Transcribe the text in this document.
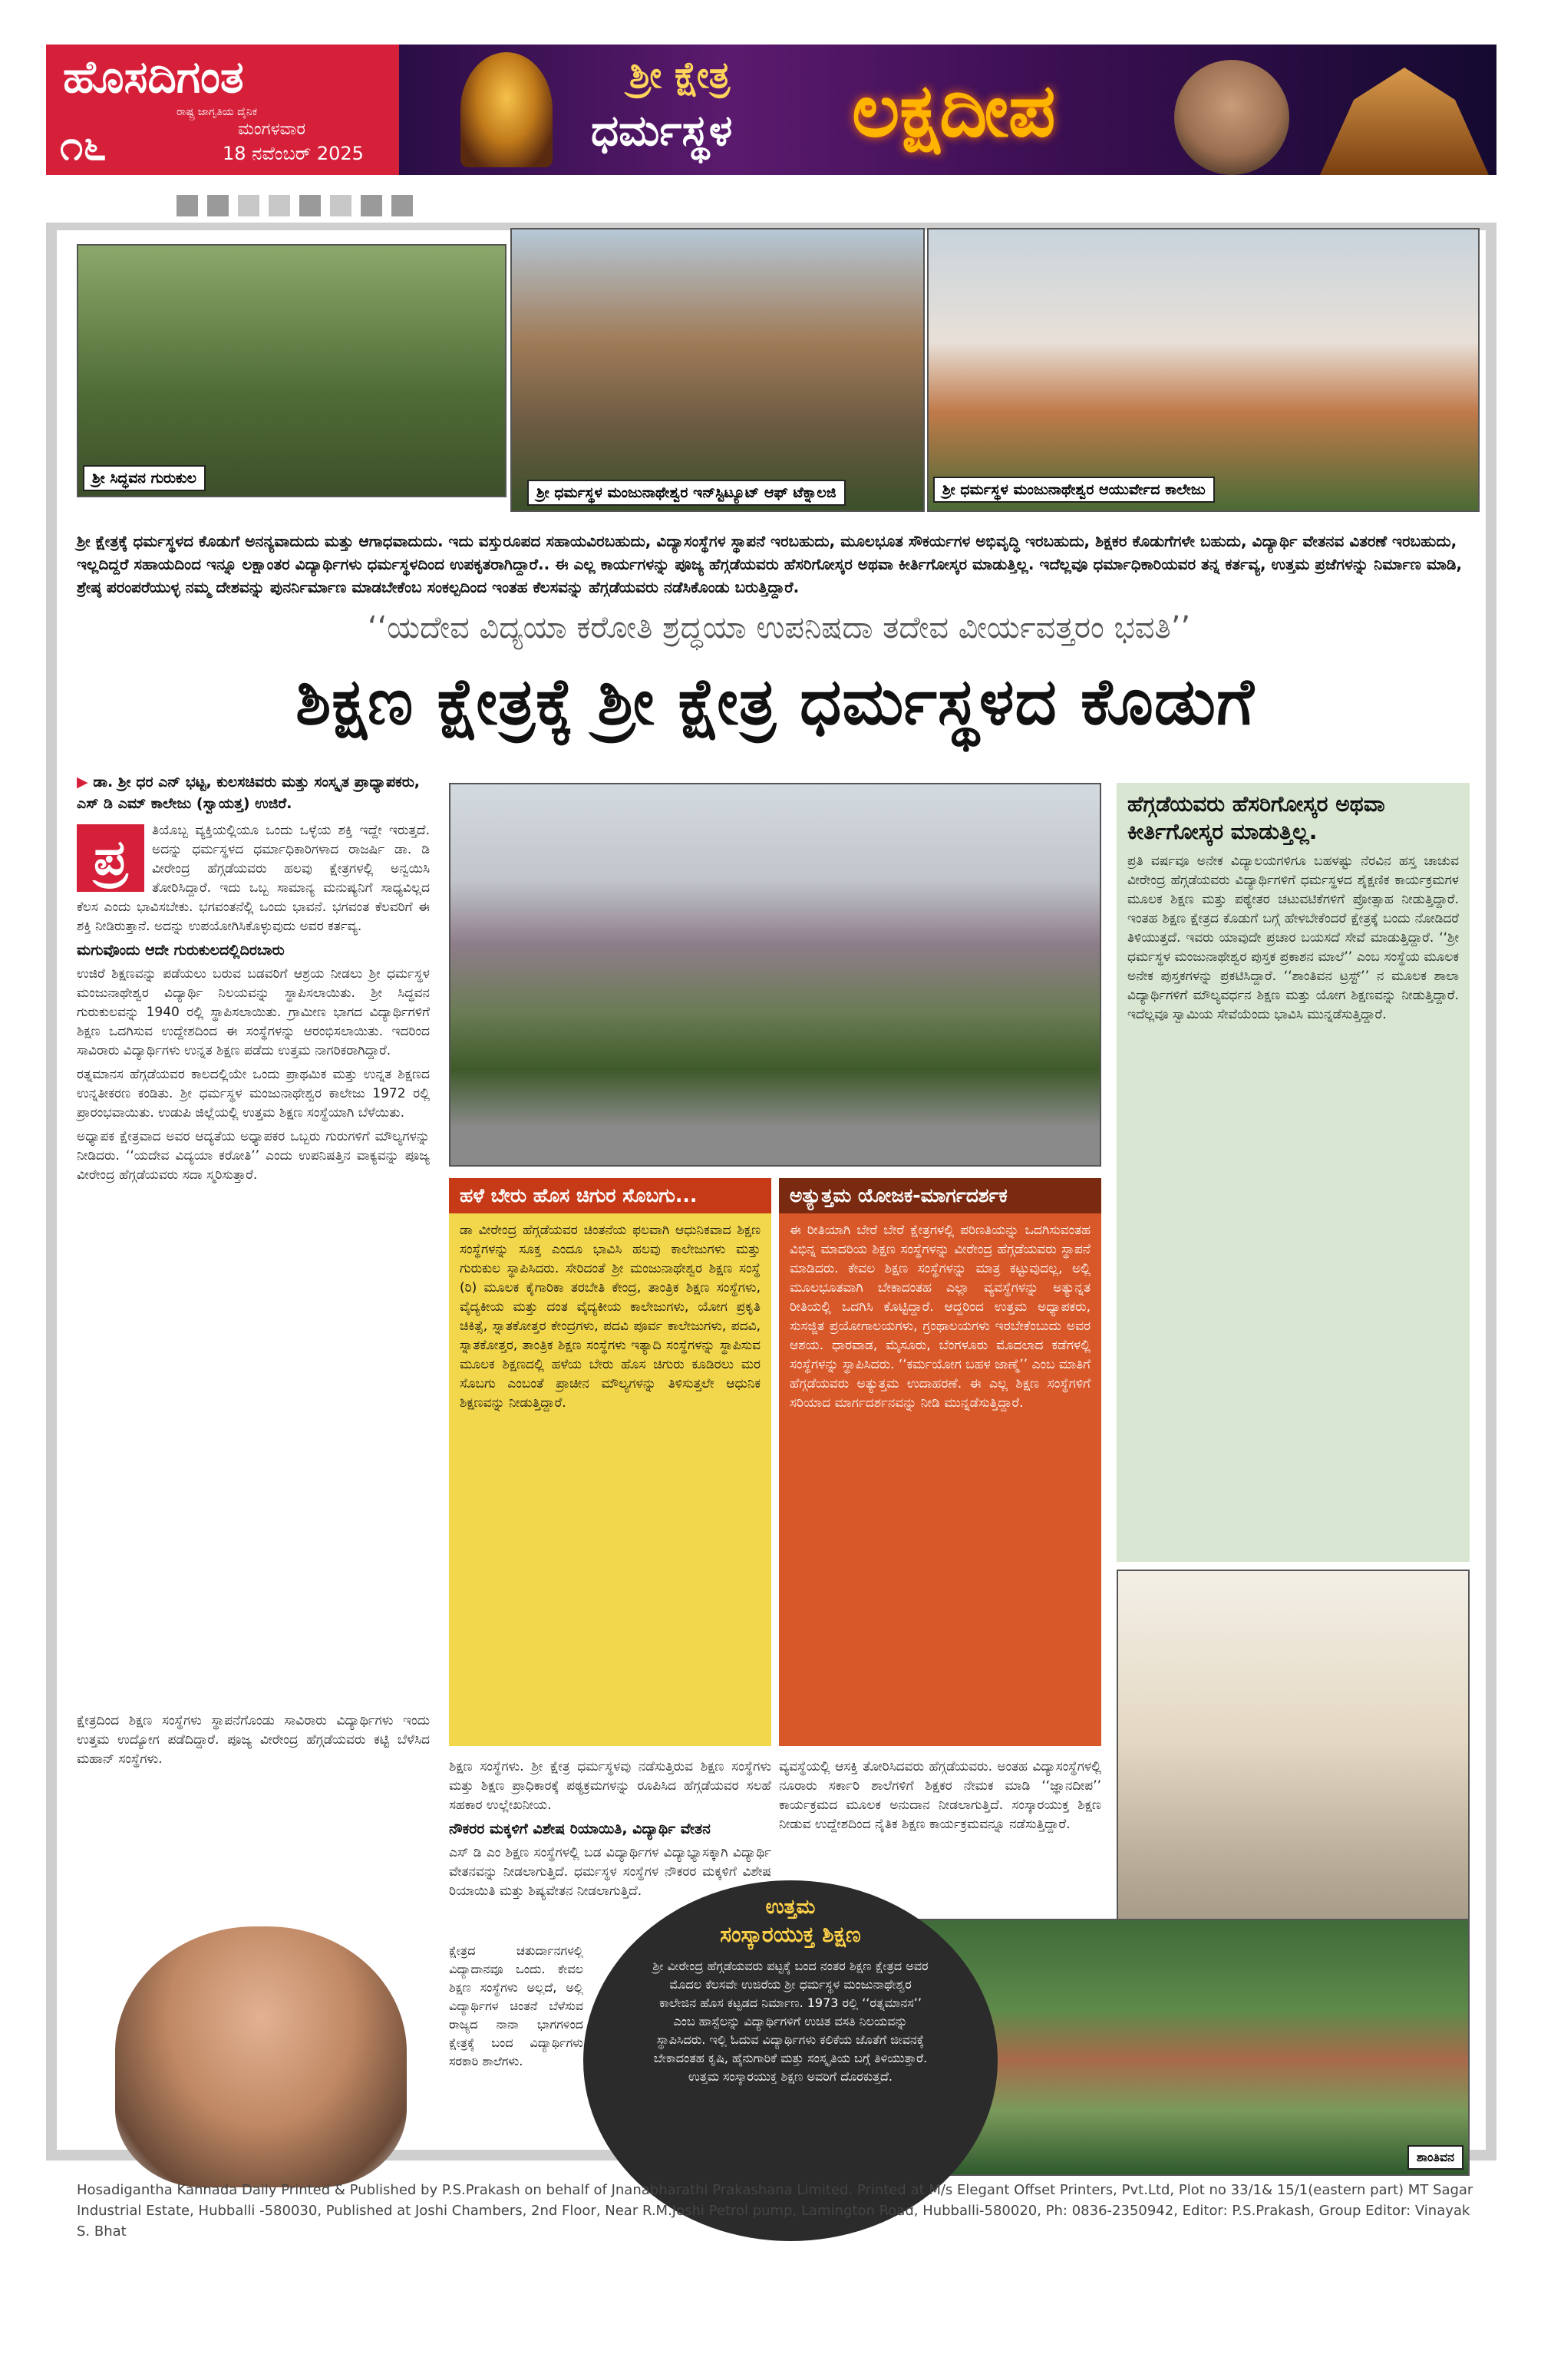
ಹೊಸದಿಗಂತ
ರಾಷ್ಟ್ರ ಜಾಗೃತಿಯ ದೈನಿಕ
೧೬	ಮಂಗಳವಾರ
18 ನವೆಂಬರ್ 2025
ಶ್ರೀ ಕ್ಷೇತ್ರ
ಧರ್ಮಸ್ಥಳ ಲಕ್ಷದೀಪ
ಶ್ರೀ ಸಿದ್ಧವನ ಗುರುಕುಲ
ಶ್ರೀ ಧರ್ಮಸ್ಥಳ ಮಂಜುನಾಥೇಶ್ವರ ಇನ್‌ಸ್ಟಿಟ್ಯೂಟ್ ಆಫ್ ಟೆಕ್ನಾಲಜಿ	ಶ್ರೀ ಧರ್ಮಸ್ಥಳ ಮಂಜುನಾಥೇಶ್ವರ ಆಯುರ್ವೇದ ಕಾಲೇಜು
ಶ್ರೀ ಕ್ಷೇತ್ರಕ್ಕೆ ಧರ್ಮಸ್ಥಳದ ಕೊಡುಗೆ ಅನನ್ಯವಾದುದು ಮತ್ತು ಆಗಾಧವಾದುದು. ಇದು ವಸ್ತುರೂಪದ ಸಹಾಯವಿರಬಹುದು, ವಿದ್ಯಾಸಂಸ್ಥೆಗಳ ಸ್ಥಾಪನೆ ಇರಬಹುದು, ಮೂಲಭೂತ ಸೌಕರ್ಯಗಳ ಅಭಿವೃದ್ಧಿ ಇರಬಹುದು, ಶಿಕ್ಷಕರ ಕೊಡುಗೆಗಳೇ ಬಹುದು, ವಿದ್ಯಾರ್ಥಿ ವೇತನವ ವಿತರಣೆ ಇರಬಹುದು, ಇಲ್ಲದಿದ್ದರೆ ಸಹಾಯದಿಂದ ಇನ್ನೂ ಲಕ್ಷಾಂತರ ವಿದ್ಯಾರ್ಥಿಗಳು ಧರ್ಮಸ್ಥಳದಿಂದ ಉಪಕೃತರಾಗಿದ್ದಾರೆ.. ಈ ಎಲ್ಲ ಕಾರ್ಯಗಳನ್ನು ಪೂಜ್ಯ ಹೆಗ್ಗಡೆಯವರು ಹೆಸರಿಗೋಸ್ಕರ ಅಥವಾ ಕೀರ್ತಿಗೋಸ್ಕರ ಮಾಡುತ್ತಿಲ್ಲ. ಇದೆಲ್ಲವೂ ಧರ್ಮಾಧಿಕಾರಿಯವರ ತನ್ನ ಕರ್ತವ್ಯ, ಉತ್ತಮ ಪ್ರಜೆಗಳನ್ನು ನಿರ್ಮಾಣ ಮಾಡಿ, ಶ್ರೇಷ್ಠ ಪರಂಪರೆಯುಳ್ಳ ನಮ್ಮ ದೇಶವನ್ನು ಪುನರ್ನಿರ್ಮಾಣ ಮಾಡಬೇಕೆಂಬ ಸಂಕಲ್ಪದಿಂದ ಇಂತಹ ಕೆಲಸವನ್ನು ಹೆಗ್ಗಡೆಯವರು ನಡೆಸಿಕೊಂಡು ಬರುತ್ತಿದ್ದಾರೆ.
‘‘ಯದೇವ ವಿದ್ಯಯಾ ಕರೋತಿ ಶ್ರದ್ಧಯಾ ಉಪನಿಷದಾ ತದೇವ ವೀರ್ಯವತ್ತರಂ ಭವತಿ’’
ಶಿಕ್ಷಣ ಕ್ಷೇತ್ರಕ್ಕೆ ಶ್ರೀ ಕ್ಷೇತ್ರ ಧರ್ಮಸ್ಥಳದ ಕೊಡುಗೆ
▶ ಡಾ. ಶ್ರೀ ಧರ ಎನ್ ಭಟ್ಟ, ಕುಲಸಚಿವರು ಮತ್ತು ಸಂಸ್ಕೃತ ಪ್ರಾಧ್ಯಾಪಕರು, ಎಸ್ ಡಿ ಎಮ್ ಕಾಲೇಜು (ಸ್ವಾಯತ್ತ) ಉಜಿರೆ.
ಪ್ರ	ತಿಯೊಬ್ಬ ವ್ಯಕ್ತಿಯಲ್ಲಿಯೂ ಒಂದು ಒಳ್ಳೆಯ ಶಕ್ತಿ ಇದ್ದೇ ಇರುತ್ತದೆ. ಅದನ್ನು ಧರ್ಮಸ್ಥಳದ ಧರ್ಮಾಧಿಕಾರಿಗಳಾದ ರಾಜರ್ಷಿ ಡಾ. ಡಿ ವೀರೇಂದ್ರ ಹೆಗ್ಗಡೆಯವರು ಹಲವು ಕ್ಷೇತ್ರಗಳಲ್ಲಿ ಅನ್ವಯಿಸಿ ತೋರಿಸಿದ್ದಾರೆ. ಇದು ಒಬ್ಬ ಸಾಮಾನ್ಯ ಮನುಷ್ಯನಿಗೆ ಸಾಧ್ಯವಿಲ್ಲದ ಕೆಲಸ ಎಂದು ಭಾವಿಸಬೇಕು. ಭಗವಂತನೆಲ್ಲಿ ಒಂದು ಭಾವನೆ. ಭಗವಂತ ಕೆಲವರಿಗೆ ಈ ಶಕ್ತಿ ನೀಡಿರುತ್ತಾನೆ. ಅದನ್ನು ಉಪಯೋಗಿಸಿಕೊಳ್ಳುವುದು ಅವರ ಕರ್ತವ್ಯ.

ಮಗುವೊಂದು ಆದೇ ಗುರುಕುಲದಲ್ಲಿದಿರಬಾರು

ಉಜಿರೆ ಶಿಕ್ಷಣವನ್ನು ಪಡೆಯಲು ಬರುವ ಬಡವರಿಗೆ ಆಶ್ರಯ ನೀಡಲು ಶ್ರೀ ಧರ್ಮಸ್ಥಳ ಮಂಜುನಾಥೇಶ್ವರ ವಿದ್ಯಾರ್ಥಿ ನಿಲಯವನ್ನು ಸ್ಥಾಪಿಸಲಾಯಿತು. ಶ್ರೀ ಸಿದ್ಧವನ ಗುರುಕುಲವನ್ನು 1940 ರಲ್ಲಿ ಸ್ಥಾಪಿಸಲಾಯಿತು. ಗ್ರಾಮೀಣ ಭಾಗದ ವಿದ್ಯಾರ್ಥಿಗಳಿಗೆ ಶಿಕ್ಷಣ ಒದಗಿಸುವ ಉದ್ದೇಶದಿಂದ ಈ ಸಂಸ್ಥೆಗಳನ್ನು ಆರಂಭಿಸಲಾಯಿತು. ಇದರಿಂದ ಸಾವಿರಾರು ವಿದ್ಯಾರ್ಥಿಗಳು ಉನ್ನತ ಶಿಕ್ಷಣ ಪಡೆದು ಉತ್ತಮ ನಾಗರಿಕರಾಗಿದ್ದಾರೆ.

ರತ್ನಮಾನಸ ಹೆಗ್ಗಡೆಯವರ ಕಾಲದಲ್ಲಿಯೇ ಒಂದು ಪ್ರಾಥಮಿಕ ಮತ್ತು ಉನ್ನತ ಶಿಕ್ಷಣದ ಉನ್ನತೀಕರಣ ಕಂಡಿತು. ಶ್ರೀ ಧರ್ಮಸ್ಥಳ ಮಂಜುನಾಥೇಶ್ವರ ಕಾಲೇಜು 1972 ರಲ್ಲಿ ಪ್ರಾರಂಭವಾಯಿತು. ಉಡುಪಿ ಜಿಲ್ಲೆಯಲ್ಲಿ ಉತ್ತಮ ಶಿಕ್ಷಣ ಸಂಸ್ಥೆಯಾಗಿ ಬೆಳೆಯಿತು.

ಅಧ್ಯಾಪಕ ಕ್ಷೇತ್ರವಾದ ಅವರ ಆದ್ಯತೆಯ ಅಧ್ಯಾಪಕರ ಒಬ್ಬರು ಗುರುಗಳಿಗೆ ಮೌಲ್ಯಗಳನ್ನು ನೀಡಿದರು. ‘‘ಯದೇವ ವಿದ್ಯಯಾ ಕರೋತಿ’’ ಎಂದು ಉಪನಿಷತ್ತಿನ ವಾಕ್ಯವನ್ನು ಪೂಜ್ಯ ವೀರೇಂದ್ರ ಹೆಗ್ಗಡೆಯವರು ಸದಾ ಸ್ಮರಿಸುತ್ತಾರೆ.

ಕ್ಷೇತ್ರದಿಂದ ಶಿಕ್ಷಣ ಸಂಸ್ಥೆಗಳು ಸ್ಥಾಪನೆಗೊಂಡು ಸಾವಿರಾರು ವಿದ್ಯಾರ್ಥಿಗಳು ಇಂದು ಉತ್ತಮ ಉದ್ಯೋಗ ಪಡೆದಿದ್ದಾರೆ. ಪೂಜ್ಯ ವೀರೇಂದ್ರ ಹೆಗ್ಗಡೆಯವರು ಕಟ್ಟಿ ಬೆಳೆಸಿದ ಮಹಾನ್ ಸಂಸ್ಥೆಗಳು.
ಹಳೆ ಬೇರು ಹೊಸ ಚಿಗುರ ಸೊಬಗು...
ಡಾ ವೀರೇಂದ್ರ ಹೆಗ್ಗಡೆಯವರ ಚಿಂತನೆಯ ಫಲವಾಗಿ ಆಧುನಿಕವಾದ ಶಿಕ್ಷಣ ಸಂಸ್ಥೆಗಳನ್ನು ಸೂಕ್ತ ಎಂದೂ ಭಾವಿಸಿ ಹಲವು ಕಾಲೇಜುಗಳು ಮತ್ತು ಗುರುಕುಲ ಸ್ಥಾಪಿಸಿದರು. ಸೇರಿದಂತೆ ಶ್ರೀ ಮಂಜುನಾಥೇಶ್ವರ ಶಿಕ್ಷಣ ಸಂಸ್ಥೆ (ರಿ) ಮೂಲಕ ಕೈಗಾರಿಕಾ ತರಬೇತಿ ಕೇಂದ್ರ, ತಾಂತ್ರಿಕ ಶಿಕ್ಷಣ ಸಂಸ್ಥೆಗಳು, ವೈದ್ಯಕೀಯ ಮತ್ತು ದಂತ ವೈದ್ಯಕೀಯ ಕಾಲೇಜುಗಳು, ಯೋಗ ಪ್ರಕೃತಿ ಚಿಕಿತ್ಸೆ, ಸ್ನಾತಕೋತ್ತರ ಕೇಂದ್ರಗಳು, ಪದವಿ ಪೂರ್ವ ಕಾಲೇಜುಗಳು, ಪದವಿ, ಸ್ನಾತಕೋತ್ತರ, ತಾಂತ್ರಿಕ ಶಿಕ್ಷಣ ಸಂಸ್ಥೆಗಳು ಇತ್ಯಾದಿ ಸಂಸ್ಥೆಗಳನ್ನು ಸ್ಥಾಪಿಸುವ ಮೂಲಕ ಶಿಕ್ಷಣದಲ್ಲಿ ಹಳೆಯ ಬೇರು ಹೊಸ ಚಿಗುರು ಕೂಡಿರಲು ಮರ ಸೊಬಗು ಎಂಬಂತೆ ಪ್ರಾಚೀನ ಮೌಲ್ಯಗಳನ್ನು ತಿಳಿಸುತ್ತಲೇ ಆಧುನಿಕ ಶಿಕ್ಷಣವನ್ನು ನೀಡುತ್ತಿದ್ದಾರೆ.
ಅತ್ಯುತ್ತಮ ಯೋಜಕ-ಮಾರ್ಗದರ್ಶಕ
ಈ ರೀತಿಯಾಗಿ ಬೇರೆ ಬೇರೆ ಕ್ಷೇತ್ರಗಳಲ್ಲಿ ಪರಿಣತಿಯನ್ನು ಒದಗಿಸುವಂತಹ ವಿಭಿನ್ನ ಮಾದರಿಯ ಶಿಕ್ಷಣ ಸಂಸ್ಥೆಗಳನ್ನು ವೀರೇಂದ್ರ ಹೆಗ್ಗಡೆಯವರು ಸ್ಥಾಪನೆ ಮಾಡಿದರು. ಕೇವಲ ಶಿಕ್ಷಣ ಸಂಸ್ಥೆಗಳನ್ನು ಮಾತ್ರ ಕಟ್ಟುವುದಲ್ಲ, ಅಲ್ಲಿ ಮೂಲಭೂತವಾಗಿ ಬೇಕಾದಂತಹ ಎಲ್ಲಾ ವ್ಯವಸ್ಥೆಗಳನ್ನು ಅತ್ಯುನ್ನತ ರೀತಿಯಲ್ಲಿ ಒದಗಿಸಿ ಕೊಟ್ಟಿದ್ದಾರೆ. ಆದ್ದರಿಂದ ಉತ್ತಮ ಅಧ್ಯಾಪಕರು, ಸುಸಜ್ಜಿತ ಪ್ರಯೋಗಾಲಯಗಳು, ಗ್ರಂಥಾಲಯಗಳು ಇರಬೇಕೆಂಬುದು ಅವರ ಆಶಯ. ಧಾರವಾಡ, ಮೈಸೂರು, ಬೆಂಗಳೂರು ಮೊದಲಾದ ಕಡೆಗಳಲ್ಲಿ ಸಂಸ್ಥೆಗಳನ್ನು ಸ್ಥಾಪಿಸಿದರು. ‘‘ಕರ್ಮಯೋಗ ಬಹಳ ಜಾಣ್ಮೆ’’ ಎಂಬ ಮಾತಿಗೆ ಹೆಗ್ಗಡೆಯವರು ಅತ್ಯುತ್ತಮ ಉದಾಹರಣೆ. ಈ ಎಲ್ಲ ಶಿಕ್ಷಣ ಸಂಸ್ಥೆಗಳಿಗೆ ಸರಿಯಾದ ಮಾರ್ಗದರ್ಶನವನ್ನು ನೀಡಿ ಮುನ್ನಡೆಸುತ್ತಿದ್ದಾರೆ.

ಶಿಕ್ಷಣ ಸಂಸ್ಥೆಗಳು. ಶ್ರೀ ಕ್ಷೇತ್ರ ಧರ್ಮಸ್ಥಳವು ನಡೆಸುತ್ತಿರುವ ಶಿಕ್ಷಣ ಸಂಸ್ಥೆಗಳು ಮತ್ತು ಶಿಕ್ಷಣ ಪ್ರಾಧಿಕಾರಕ್ಕೆ ಪಠ್ಯಕ್ರಮಗಳನ್ನು ರೂಪಿಸಿದ ಹೆಗ್ಗಡೆಯವರ ಸಲಹೆ ಸಹಕಾರ ಉಲ್ಲೇಖನೀಯ.

ನೌಕರರ ಮಕ್ಕಳಿಗೆ ವಿಶೇಷ ರಿಯಾಯಿತಿ, ವಿದ್ಯಾರ್ಥಿ ವೇತನ

ಎಸ್ ಡಿ ಎಂ ಶಿಕ್ಷಣ ಸಂಸ್ಥೆಗಳಲ್ಲಿ ಬಡ ವಿದ್ಯಾರ್ಥಿಗಳ ವಿದ್ಯಾಭ್ಯಾಸಕ್ಕಾಗಿ ವಿದ್ಯಾರ್ಥಿ ವೇತನವನ್ನು ನೀಡಲಾಗುತ್ತಿದೆ. ಧರ್ಮಸ್ಥಳ ಸಂಸ್ಥೆಗಳ ನೌಕರರ ಮಕ್ಕಳಿಗೆ ವಿಶೇಷ ರಿಯಾಯಿತಿ ಮತ್ತು ಶಿಷ್ಯವೇತನ ನೀಡಲಾಗುತ್ತಿದೆ.

ವ್ಯವಸ್ಥೆಯಲ್ಲಿ ಆಸಕ್ತಿ ತೋರಿಸಿದವರು ಹೆಗ್ಗಡೆಯವರು. ಅಂತಹ ವಿದ್ಯಾಸಂಸ್ಥೆಗಳಲ್ಲಿ ನೂರಾರು ಸರ್ಕಾರಿ ಶಾಲೆಗಳಿಗೆ ಶಿಕ್ಷಕರ ನೇಮಕ ಮಾಡಿ ‘‘ಜ್ಞಾನದೀಪ’’ ಕಾರ್ಯಕ್ರಮದ ಮೂಲಕ ಅನುದಾನ ನೀಡಲಾಗುತ್ತಿದೆ. ಸಂಸ್ಕಾರಯುಕ್ತ ಶಿಕ್ಷಣ ನೀಡುವ ಉದ್ದೇಶದಿಂದ ನೈತಿಕ ಶಿಕ್ಷಣ ಕಾರ್ಯಕ್ರಮವನ್ನೂ ನಡೆಸುತ್ತಿದ್ದಾರೆ.
ಹೆಗ್ಗಡೆಯವರು ಹೆಸರಿಗೋಸ್ಕರ ಅಥವಾ ಕೀರ್ತಿಗೋಸ್ಕರ ಮಾಡುತ್ತಿಲ್ಲ.
ಪ್ರತಿ ವರ್ಷವೂ ಅನೇಕ ವಿದ್ಯಾಲಯಗಳಿಗೂ ಬಹಳಷ್ಟು ನೆರವಿನ ಹಸ್ತ ಚಾಚುವ ವೀರೇಂದ್ರ ಹೆಗ್ಗಡೆಯವರು ವಿದ್ಯಾರ್ಥಿಗಳಿಗೆ ಧರ್ಮಸ್ಥಳದ ಶೈಕ್ಷಣಿಕ ಕಾರ್ಯಕ್ರಮಗಳ ಮೂಲಕ ಶಿಕ್ಷಣ ಮತ್ತು ಪಠ್ಯೇತರ ಚಟುವಟಿಕೆಗಳಿಗೆ ಪ್ರೋತ್ಸಾಹ ನೀಡುತ್ತಿದ್ದಾರೆ. ಇಂತಹ ಶಿಕ್ಷಣ ಕ್ಷೇತ್ರದ ಕೊಡುಗೆ ಬಗ್ಗೆ ಹೇಳಬೇಕೆಂದರೆ ಕ್ಷೇತ್ರಕ್ಕೆ ಬಂದು ನೋಡಿದರೆ ತಿಳಿಯುತ್ತದೆ. ಇವರು ಯಾವುದೇ ಪ್ರಚಾರ ಬಯಸದೆ ಸೇವೆ ಮಾಡುತ್ತಿದ್ದಾರೆ. ‘‘ಶ್ರೀ ಧರ್ಮಸ್ಥಳ ಮಂಜುನಾಥೇಶ್ವರ ಪುಸ್ತಕ ಪ್ರಕಾಶನ ಮಾಲೆ’’ ಎಂಬ ಸಂಸ್ಥೆಯ ಮೂಲಕ ಅನೇಕ ಪುಸ್ತಕಗಳನ್ನು ಪ್ರಕಟಿಸಿದ್ದಾರೆ. ‘‘ಶಾಂತಿವನ ಟ್ರಸ್ಟ್’’ ನ ಮೂಲಕ ಶಾಲಾ ವಿದ್ಯಾರ್ಥಿಗಳಿಗೆ ಮೌಲ್ಯವರ್ಧನ ಶಿಕ್ಷಣ ಮತ್ತು ಯೋಗ ಶಿಕ್ಷಣವನ್ನು ನೀಡುತ್ತಿದ್ದಾರೆ. ಇದೆಲ್ಲವೂ ಸ್ವಾಮಿಯ ಸೇವೆಯೆಂದು ಭಾವಿಸಿ ಮುನ್ನಡೆಸುತ್ತಿದ್ದಾರೆ.
ಕ್ಷೇತ್ರದ ಚತುರ್ದಾನಗಳಲ್ಲಿ ವಿದ್ಯಾದಾನವೂ ಒಂದು. ಕೇವಲ ಶಿಕ್ಷಣ ಸಂಸ್ಥೆಗಳು ಅಲ್ಲದೆ, ಅಲ್ಲಿ ವಿದ್ಯಾರ್ಥಿಗಳ ಚಿಂತನೆ ಬೆಳೆಸುವ ರಾಜ್ಯದ ನಾನಾ ಭಾಗಗಳಿಂದ ಕ್ಷೇತ್ರಕ್ಕೆ ಬಂದ ವಿದ್ಯಾರ್ಥಿಗಳು ಸರಕಾರಿ ಶಾಲೆಗಳು.
ಶಾಂತಿವನ
ಉತ್ತಮ
ಸಂಸ್ಕಾರಯುಕ್ತ ಶಿಕ್ಷಣ
ಶ್ರೀ ವೀರೇಂದ್ರ ಹೆಗ್ಗಡೆಯವರು ಪಟ್ಟಕ್ಕೆ ಬಂದ ನಂತರ ಶಿಕ್ಷಣ ಕ್ಷೇತ್ರದ ಅವರ ಮೊದಲ ಕೆಲಸವೇ ಉಜಿರೆಯ ಶ್ರೀ ಧರ್ಮಸ್ಥಳ ಮಂಜುನಾಥೇಶ್ವರ ಕಾಲೇಜಿನ ಹೊಸ ಕಟ್ಟಡದ ನಿರ್ಮಾಣ. 1973 ರಲ್ಲಿ ‘‘ರತ್ನಮಾನಸ’’ ಎಂಬ ಹಾಸ್ಟೆಲನ್ನು ವಿದ್ಯಾರ್ಥಿಗಳಿಗೆ ಉಚಿತ ವಸತಿ ನಿಲಯವನ್ನು ಸ್ಥಾಪಿಸಿದರು. ಇಲ್ಲಿ ಓದುವ ವಿದ್ಯಾರ್ಥಿಗಳು ಕಲಿಕೆಯ ಜೊತೆಗೆ ಜೀವನಕ್ಕೆ ಬೇಕಾದಂತಹ ಕೃಷಿ, ಹೈನುಗಾರಿಕೆ ಮತ್ತು ಸಂಸ್ಕೃತಿಯ ಬಗ್ಗೆ ತಿಳಿಯುತ್ತಾರೆ. ಉತ್ತಮ ಸಂಸ್ಕಾರಯುಕ್ತ ಶಿಕ್ಷಣ ಅವರಿಗೆ ದೊರಕುತ್ತದೆ.
Hosadigantha Kannada Daily Printed & Published by P.S.Prakash on behalf of Jnanabharathi Prakashana Limited. Printed at M/s Elegant Offset Printers, Pvt.Ltd, Plot no 33/1& 15/1(eastern part) MT Sagar Industrial Estate, Hubballi -580030, Published at Joshi Chambers, 2nd Floor, Near R.M.Joshi Petrol pump, Lamington Road, Hubballi-580020, Ph: 0836-2350942, Editor: P.S.Prakash, Group Editor: Vinayak S. Bhat
